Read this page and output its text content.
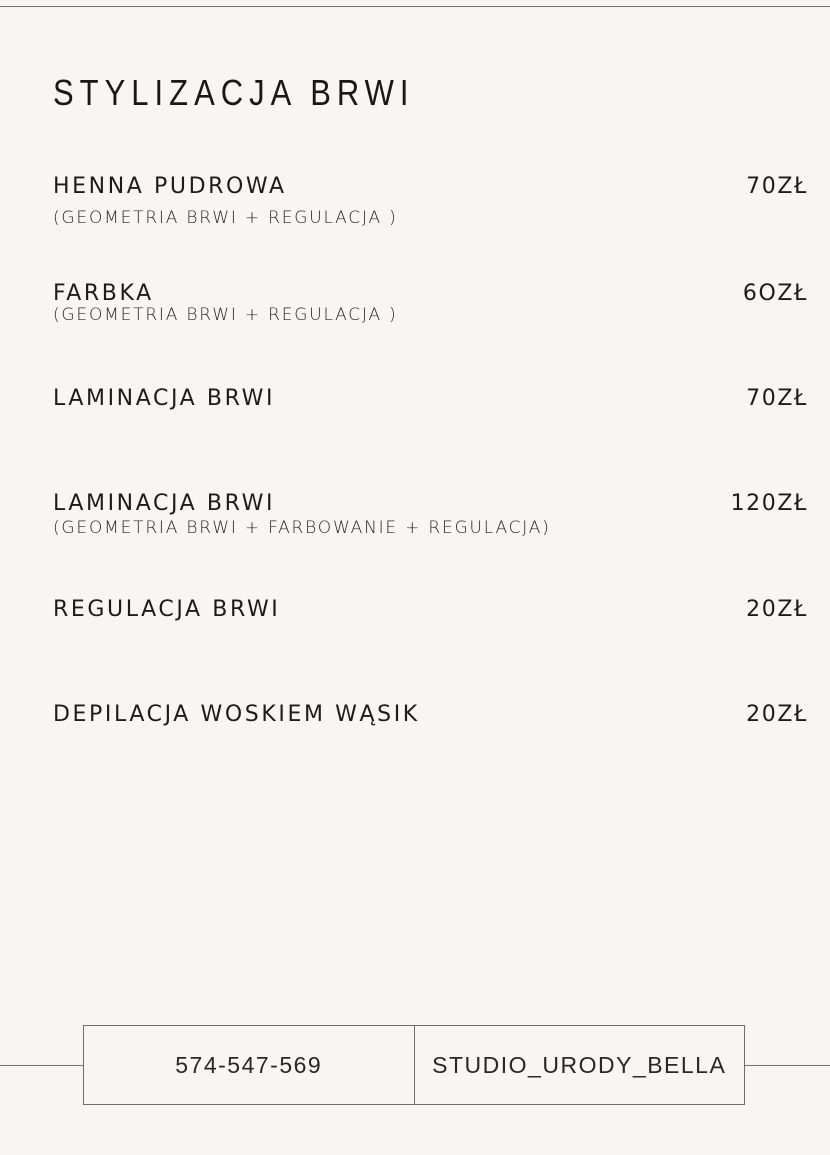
STYLIZACJA BRWI
HENNA PUDROWA	70ZŁ
(GEOMETRIA BRWI + REGULACJA )
FARBKA	6OZŁ
(GEOMETRIA BRWI + REGULACJA )
LAMINACJA BRWI	70ZŁ
LAMINACJA BRWI	120ZŁ
(GEOMETRIA BRWI + FARBOWANIE + REGULACJA)
REGULACJA BRWI	20ZŁ
DEPILACJA WOSKIEM WĄSIK	20ZŁ
574-547-569	STUDIO_URODY_BELLA
